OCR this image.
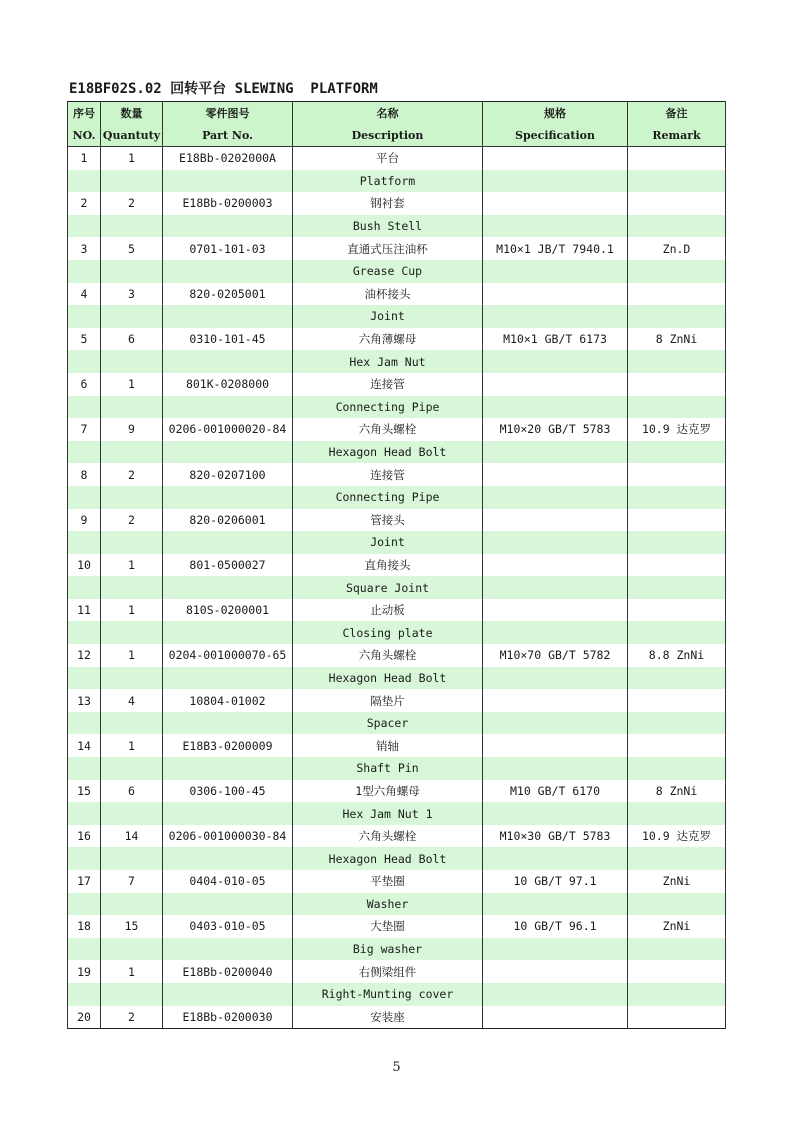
E18BF02S.02 回转平台 SLEWING  PLATFORM
序号	数量	零件图号	名称	规格	备注
NO.	Quantuty	Part No.	Description	Specification	Remark
1	1	E18Bb-0202000A	平台		
			Platform		
2	2	E18Bb-0200003	钢衬套		
			Bush Stell		
3	5	0701-101-03	直通式压注油杯	M10×1 JB/T 7940.1	Zn.D
			Grease Cup		
4	3	820-0205001	油杯接头		
			Joint		
5	6	0310-101-45	六角薄螺母	M10×1 GB/T 6173	8 ZnNi
			Hex Jam Nut		
6	1	801K-0208000	连接管		
			Connecting Pipe		
7	9	0206-001000020-84	六角头螺栓	M10×20 GB/T 5783	10.9 达克罗
			Hexagon Head Bolt		
8	2	820-0207100	连接管		
			Connecting Pipe		
9	2	820-0206001	管接头		
			Joint		
10	1	801-0500027	直角接头		
			Square Joint		
11	1	810S-0200001	止动板		
			Closing plate		
12	1	0204-001000070-65	六角头螺栓	M10×70 GB/T 5782	8.8 ZnNi
			Hexagon Head Bolt		
13	4	10804-01002	隔垫片		
			Spacer		
14	1	E18B3-0200009	销轴		
			Shaft Pin		
15	6	0306-100-45	1型六角螺母	M10 GB/T 6170	8 ZnNi
			Hex Jam Nut 1		
16	14	0206-001000030-84	六角头螺栓	M10×30 GB/T 5783	10.9 达克罗
			Hexagon Head Bolt		
17	7	0404-010-05	平垫圈	10 GB/T 97.1	ZnNi
			Washer		
18	15	0403-010-05	大垫圈	10 GB/T 96.1	ZnNi
			Big washer		
19	1	E18Bb-0200040	右侧梁组件		
			Right-Munting cover		
20	2	E18Bb-0200030	安装座		
5
